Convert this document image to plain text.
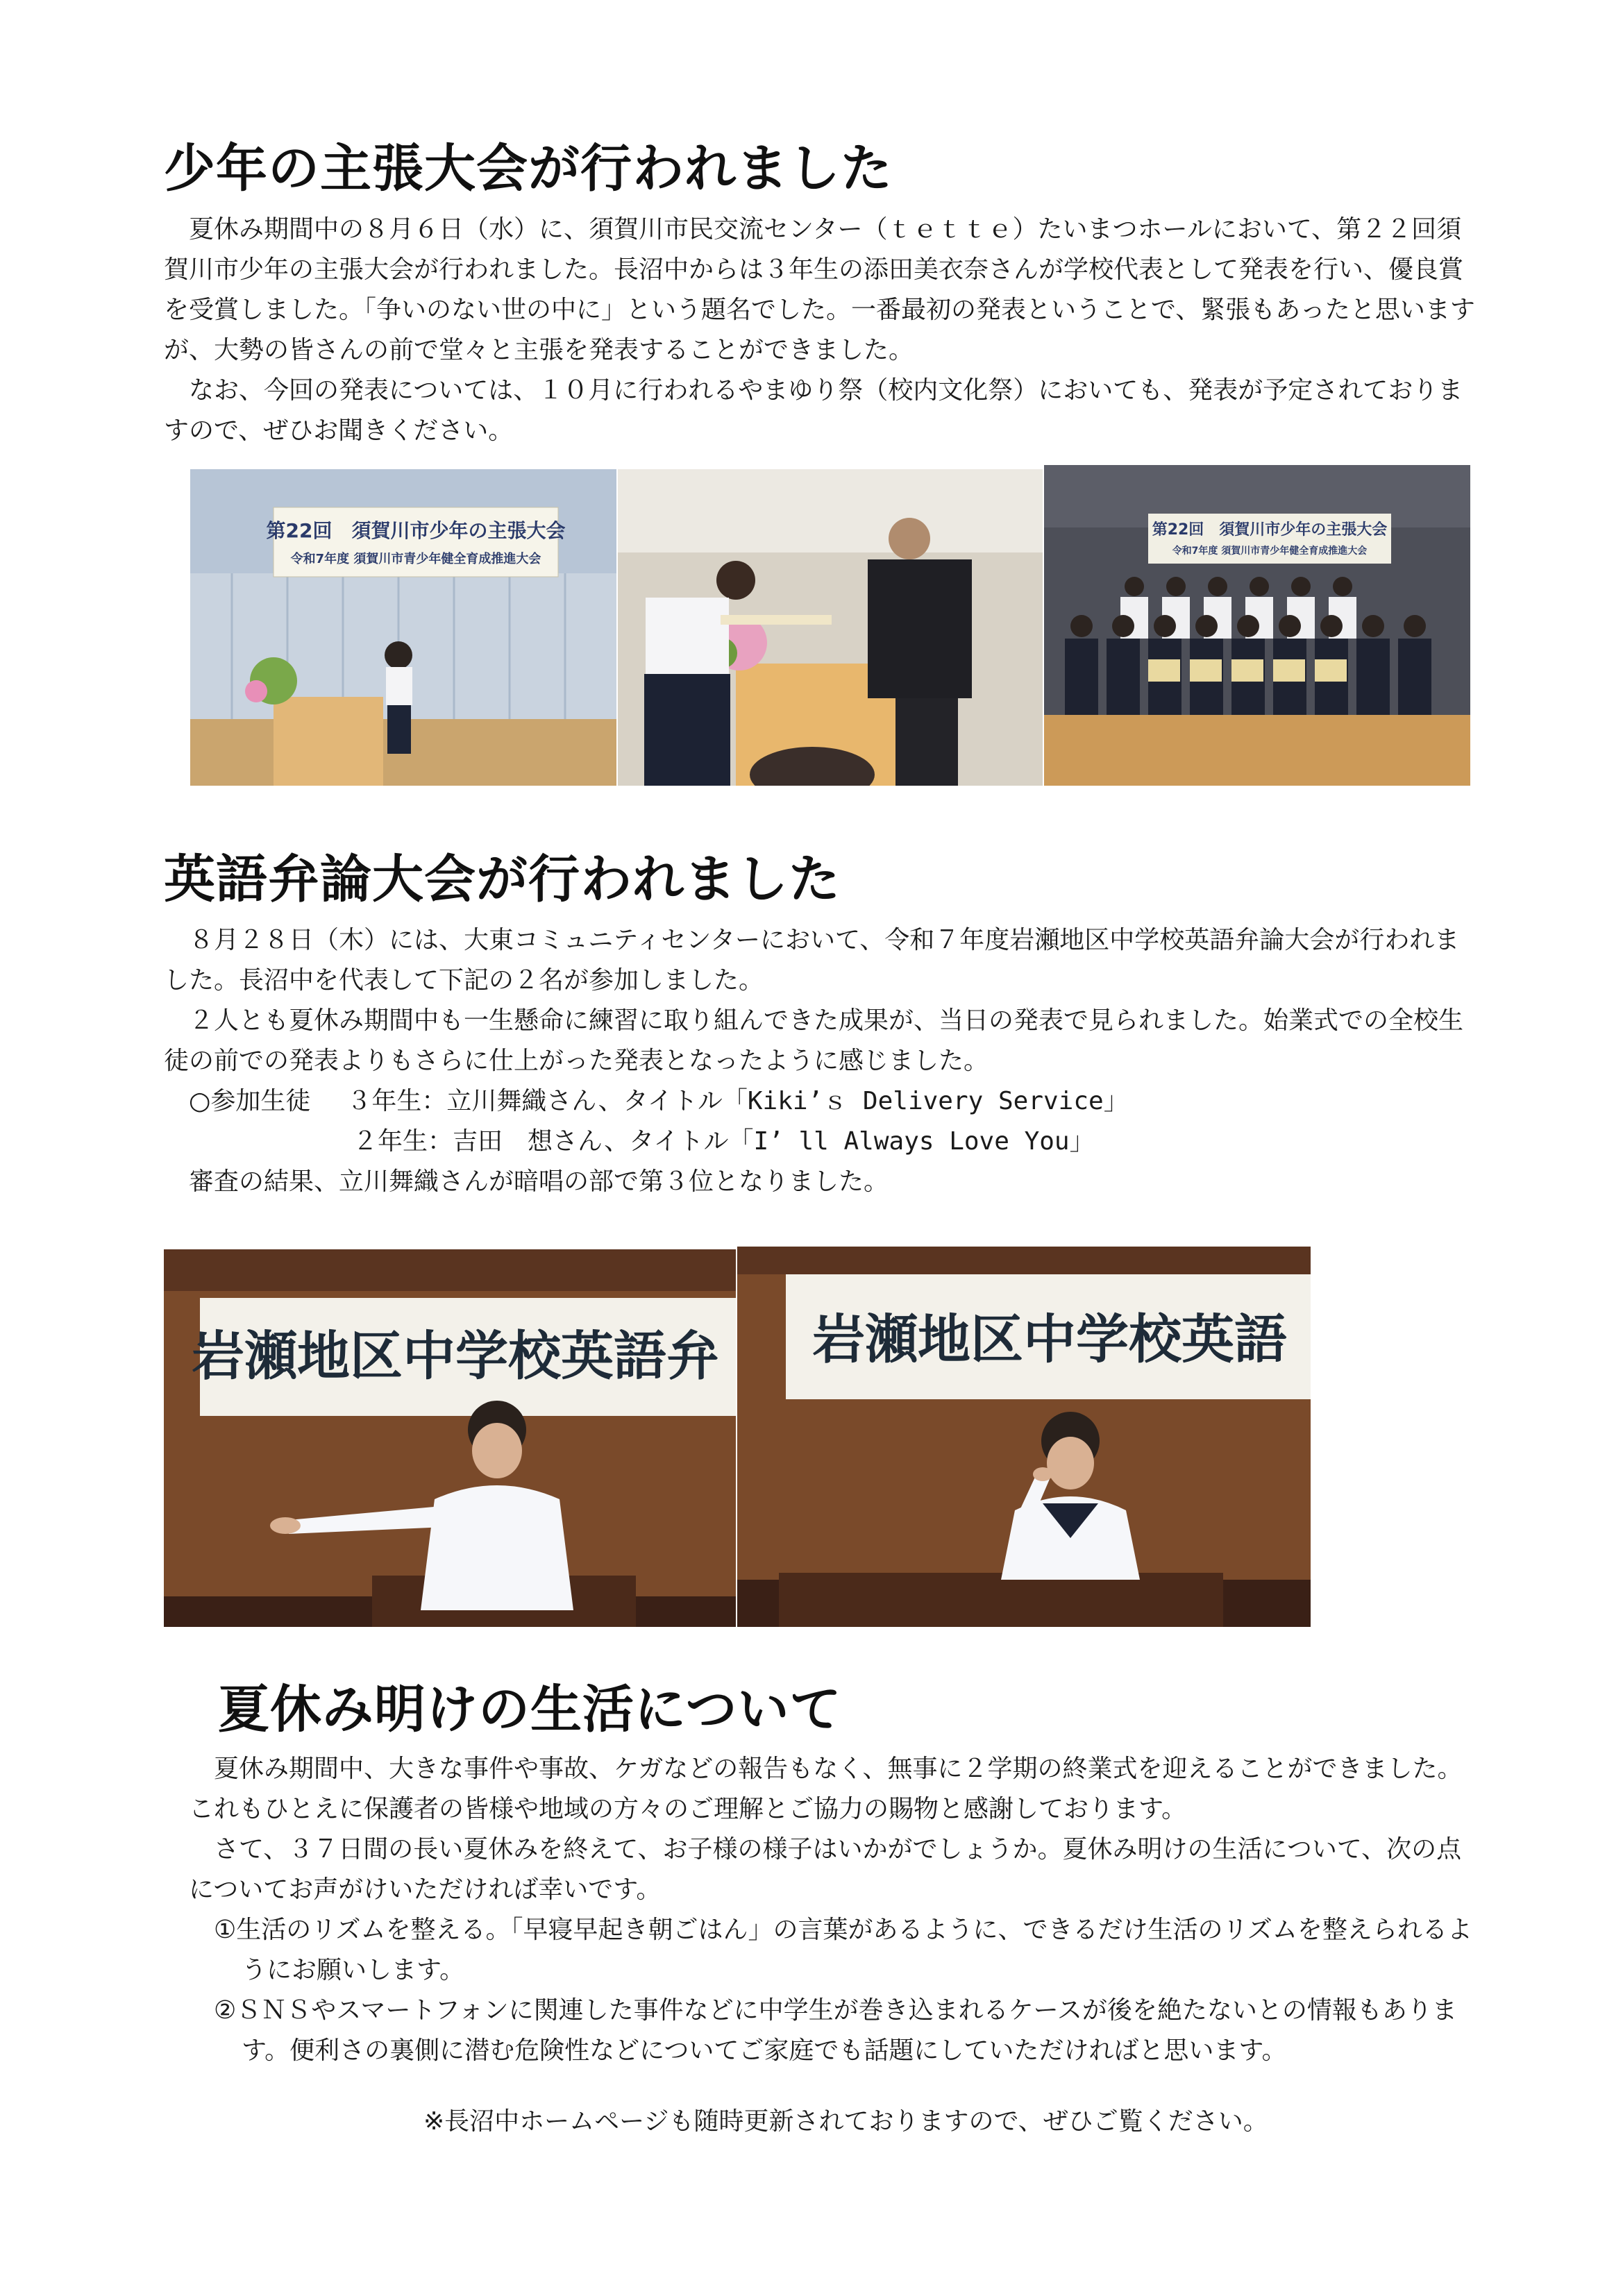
少年の主張大会が行われました

夏休み期間中の８月６日（水）に、須賀川市民交流センター（ｔｅｔｔｅ）たいまつホールにおいて、第２２回須賀川市少年の主張大会が行われました。長沼中からは３年生の添田美衣奈さんが学校代表として発表を行い、優良賞を受賞しました。「争いのない世の中に」という題名でした。一番最初の発表ということで、緊張もあったと思いますが、大勢の皆さんの前で堂々と主張を発表することができました。

なお、今回の発表については、１０月に行われるやまゆり祭（校内文化祭）においても、発表が予定されておりますので、ぜひお聞きください。

第22回　須賀川市少年の主張大会
令和7年度 須賀川市青少年健全育成推進大会
第22回　須賀川市少年の主張大会
令和7年度 須賀川市青少年健全育成推進大会
英語弁論大会が行われました

８月２８日（木）には、大東コミュニティセンターにおいて、令和７年度岩瀬地区中学校英語弁論大会が行われました。長沼中を代表して下記の２名が参加しました。

２人とも夏休み期間中も一生懸命に練習に取り組んできた成果が、当日の発表で見られました。始業式での全校生徒の前での発表よりもさらに仕上がった発表となったように感じました。

○参加生徒 ３年生：立川舞織さん、タイトル「Kiki’ｓ Delivery Service」

２年生：吉田　想さん、タイトル「I’ ll Always Love You」

審査の結果、立川舞織さんが暗唱の部で第３位となりました。

岩瀬地区中学校英語弁 岩瀬地区中学校英語
夏休み明けの生活について

夏休み期間中、大きな事件や事故、ケガなどの報告もなく、無事に２学期の終業式を迎えることができました。これもひとえに保護者の皆様や地域の方々のご理解とご協力の賜物と感謝しております。

さて、３７日間の長い夏休みを終えて、お子様の様子はいかがでしょうか。夏休み明けの生活について、次の点についてお声がけいただければ幸いです。

①生活のリズムを整える。「早寝早起き朝ごはん」の言葉があるように、できるだけ生活のリズムを整えられるようにお願いします。

②ＳＮＳやスマートフォンに関連した事件などに中学生が巻き込まれるケースが後を絶たないとの情報もあります。便利さの裏側に潜む危険性などについてご家庭でも話題にしていただければと思います。

※長沼中ホームページも随時更新されておりますので、ぜひご覧ください。
